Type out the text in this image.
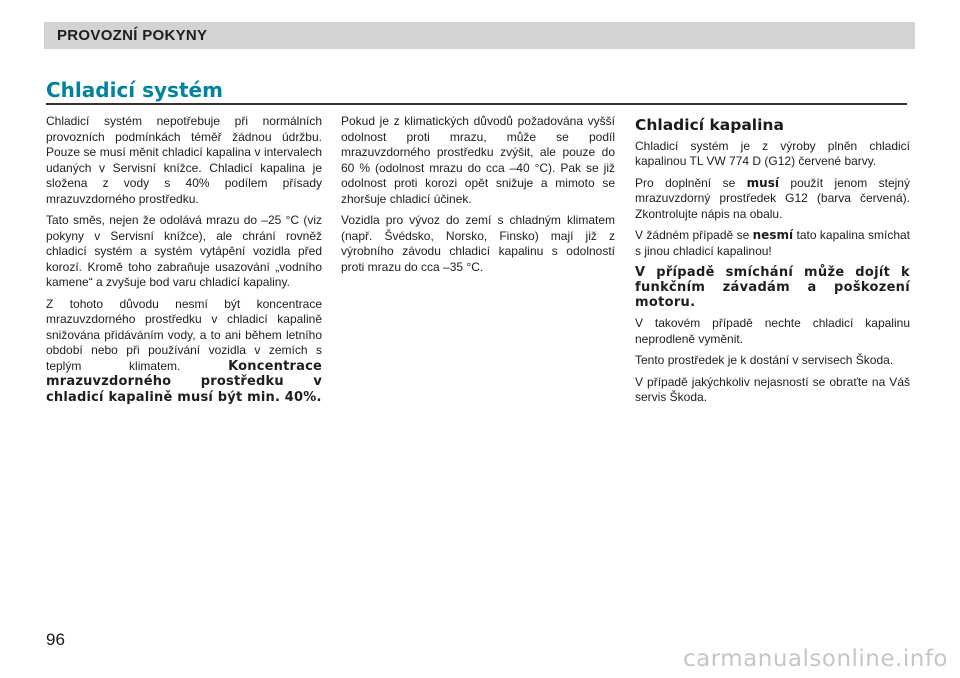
PROVOZNÍ POKYNY
Chladicí systém

Chladicí systém nepotřebuje při normálních provozních podmínkách téměř žádnou údržbu. Pouze se musí měnit chladicí kapalina v intervalech udaných v Servisní knížce. Chladicí kapalina je složena z vody s 40% podílem přísady mrazuvzdorného prostředku.

Tato směs, nejen že odolává mrazu do –25 °C (viz pokyny v Servisní knížce), ale chrání rovněž chladicí systém a systém vytápění vozidla před korozí. Kromě toho zabraňuje usazování „vodního kamene“ a zvyšuje bod varu chladicí kapaliny.

Z tohoto důvodu nesmí být koncentrace mrazuvzdorného prostředku v chladicí kapalině snižována přidáváním vody, a to ani během letního období nebo při používání vozidla v zemích s teplým klimatem.	Koncentrace mrazuvzdorného prostředku v chladicí kapalině musí být min. 40%.

Pokud je z klimatických důvodů požadována vyšší odolnost proti mrazu, může se podíl mrazuvzdorného prostředku zvýšit, ale pouze do 60 % (odolnost mrazu do cca –40 °C). Pak se již odolnost proti korozi opět snižuje a mimoto se zhoršuje chladicí účinek.

Vozidla pro vývoz do zemí s chladným klimatem (např. Švédsko, Norsko, Finsko) mají již z výrobního závodu chladicí kapalinu s odolností proti mrazu do cca –35 °C.

Chladicí kapalina

Chladicí systém je z výroby plněn chladicí kapalinou TL VW 774 D (G12) červené barvy.

Pro doplnění se musí použít jenom stejný mrazuvzdorný prostředek G12 (barva červená). Zkontrolujte nápis na obalu.

V žádném případě se nesmí tato kapalina smíchat s jinou chladicí kapalinou!

V případě smíchání může dojít k funkčním závadám a poškození motoru.

V takovém případě nechte chladicí kapalinu neprodleně vyměnit.

Tento prostředek je k dostání v servisech Škoda.

V případě jakýchkoliv nejasností se obraťte na Váš servis Škoda.

96
carmanualsonline.info
